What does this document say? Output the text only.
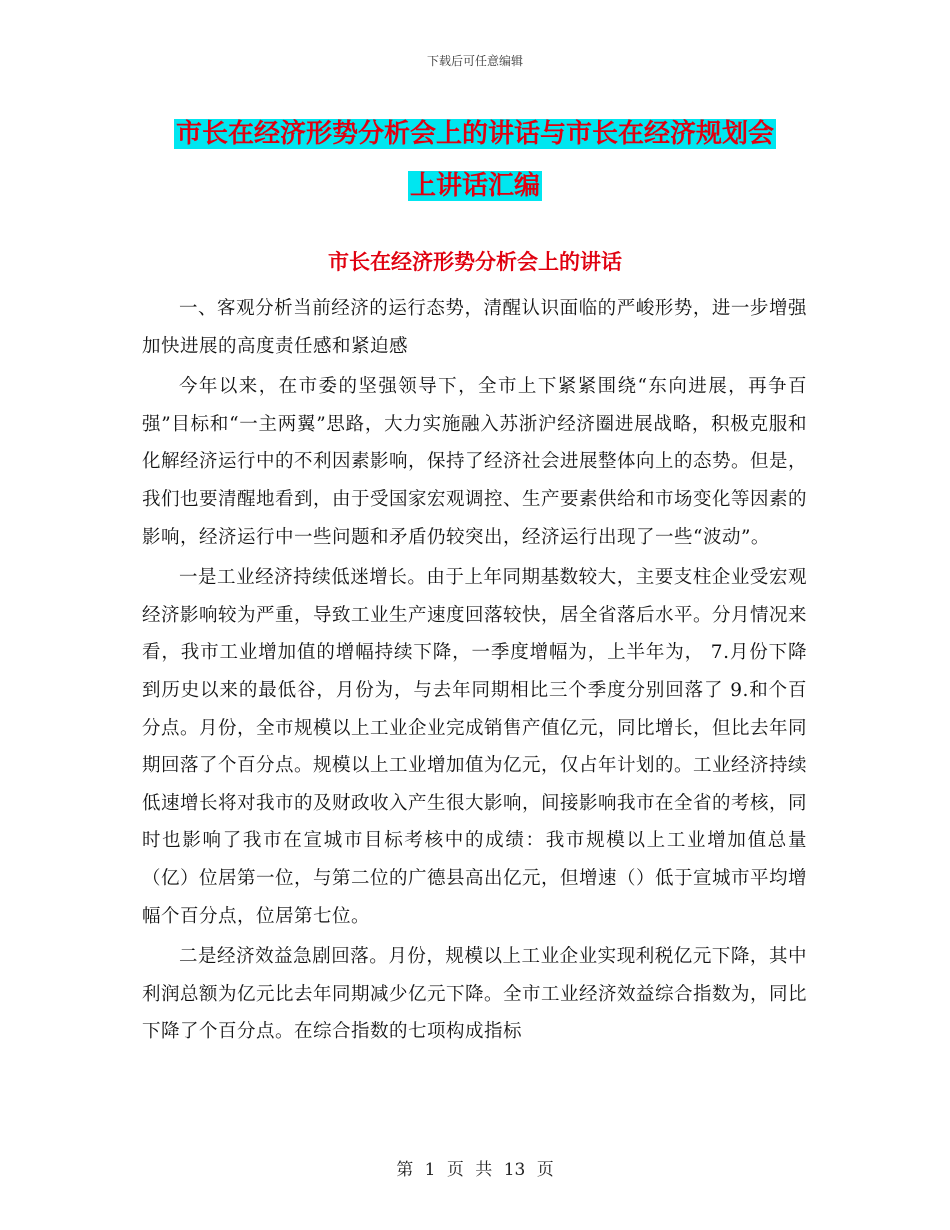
下载后可任意编辑
市长在经济形势分析会上的讲话与市长在经济规划会
上讲话汇编
市长在经济形势分析会上的讲话

一、客观分析当前经济的运行态势，清醒认识面临的严峻形势，进一步增强加快进展的高度责任感和紧迫感

今年以来，在市委的坚强领导下，全市上下紧紧围绕“东向进展，再争百强”目标和“一主两翼”思路，大力实施融入苏浙沪经济圈进展战略，积极克服和化解经济运行中的不利因素影响，保持了经济社会进展整体向上的态势。但是，我们也要清醒地看到，由于受国家宏观调控、生产要素供给和市场变化等因素的影响，经济运行中一些问题和矛盾仍较突出，经济运行出现了一些“波动”。

一是工业经济持续低迷增长。由于上年同期基数较大，主要支柱企业受宏观经济影响较为严重，导致工业生产速度回落较快，居全省落后水平。分月情况来看，我市工业增加值的增幅持续下降，一季度增幅为，上半年为， 7.月份下降到历史以来的最低谷，月份为，与去年同期相比三个季度分别回落了 9.和个百分点。月份，全市规模以上工业企业完成销售产值亿元，同比增长，但比去年同期回落了个百分点。规模以上工业增加值为亿元，仅占年计划的。工业经济持续低速增长将对我市的及财政收入产生很大影响，间接影响我市在全省的考核，同时也影响了我市在宣城市目标考核中的成绩：我市规模以上工业增加值总量（亿）位居第一位，与第二位的广德县高出亿元，但增速（）低于宣城市平均增幅个百分点，位居第七位。

二是经济效益急剧回落。月份，规模以上工业企业实现利税亿元下降，其中利润总额为亿元比去年同期减少亿元下降。全市工业经济效益综合指数为，同比下降了个百分点。在综合指数的七项构成指标

第 1 页 共 13 页
